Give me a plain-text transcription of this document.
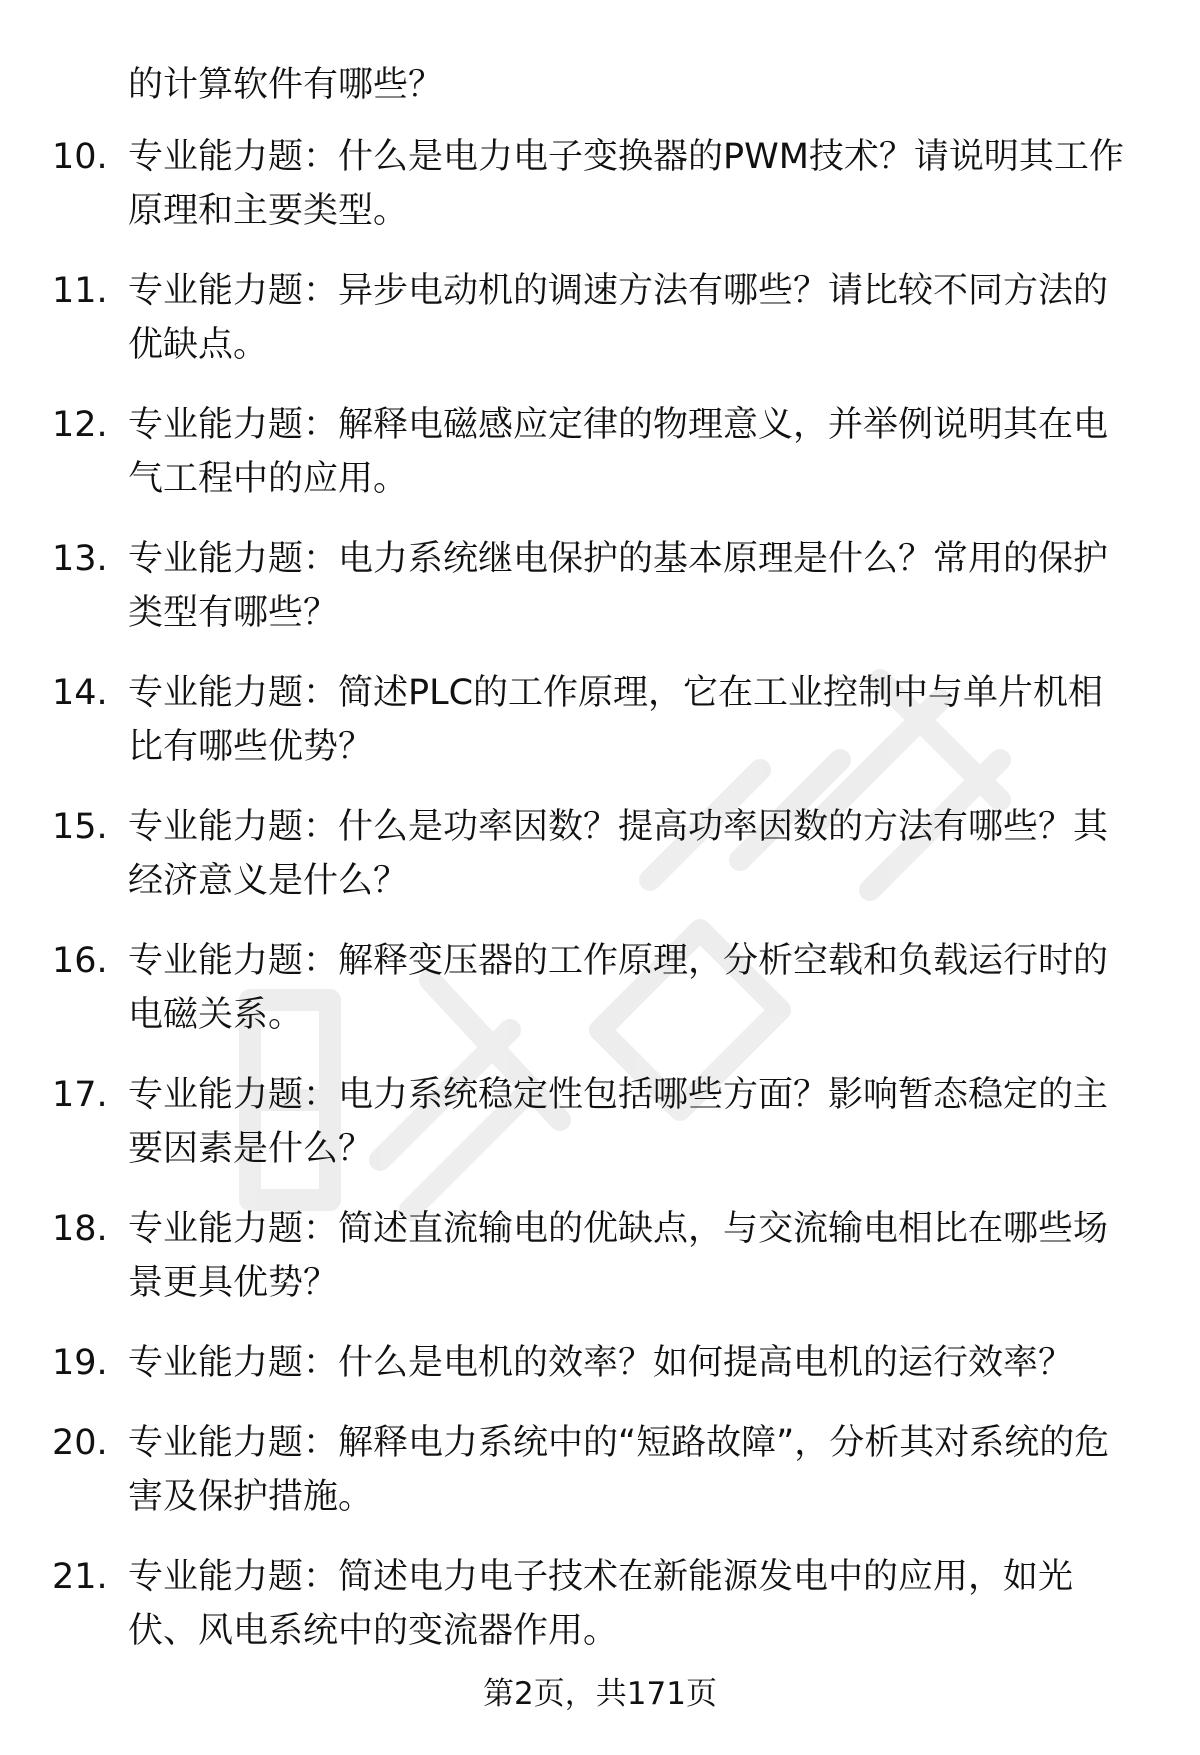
的计算软件有哪些？
10. 专业能力题：什么是电力电子变换器的PWM技术？请说明其工作原理和主要类型。
11. 专业能力题：异步电动机的调速方法有哪些？请比较不同方法的优缺点。
12. 专业能力题：解释电磁感应定律的物理意义，并举例说明其在电气工程中的应用。
13. 专业能力题：电力系统继电保护的基本原理是什么？常用的保护类型有哪些？
14. 专业能力题：简述PLC的工作原理，它在工业控制中与单片机相比有哪些优势？
15. 专业能力题：什么是功率因数？提高功率因数的方法有哪些？其经济意义是什么？
16. 专业能力题：解释变压器的工作原理，分析空载和负载运行时的电磁关系。
17. 专业能力题：电力系统稳定性包括哪些方面？影响暂态稳定的主要因素是什么？
18. 专业能力题：简述直流输电的优缺点，与交流输电相比在哪些场景更具优势？
19. 专业能力题：什么是电机的效率？如何提高电机的运行效率？
20. 专业能力题：解释电力系统中的“短路故障”，分析其对系统的危害及保护措施。
21. 专业能力题：简述电力电子技术在新能源发电中的应用，如光伏、风电系统中的变流器作用。
第2页，共171页
